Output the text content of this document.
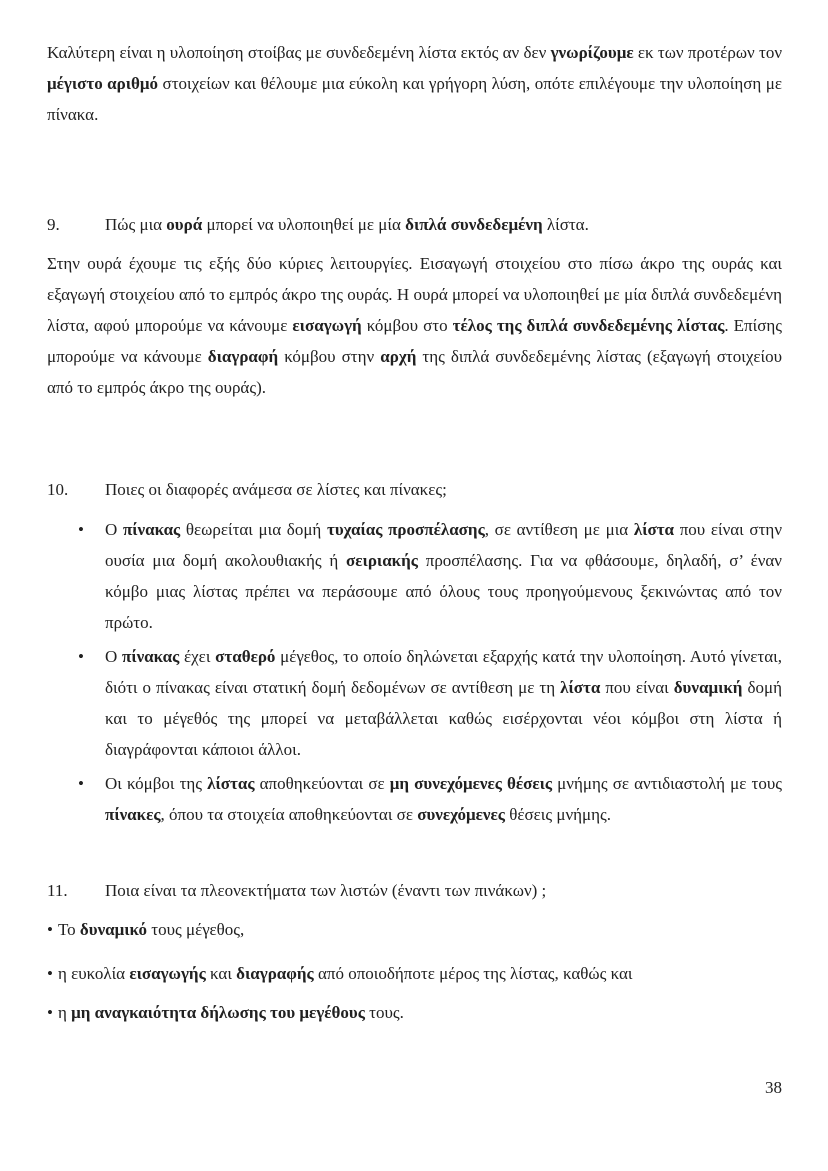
Καλύτερη είναι η υλοποίηση στοίβας με συνδεδεμένη λίστα εκτός αν δεν γνωρίζουμε εκ των προτέρων τον μέγιστο αριθμό στοιχείων και θέλουμε μια εύκολη και γρήγορη λύση, οπότε επιλέγουμε την υλοποίηση με πίνακα.

9.	Πώς μια ουρά μπορεί να υλοποιηθεί με μία διπλά συνδεδεμένη λίστα.

Στην ουρά έχουμε τις εξής δύο κύριες λειτουργίες. Εισαγωγή στοιχείου στο πίσω άκρο της ουράς και εξαγωγή στοιχείου από το εμπρός άκρο της ουράς. Η ουρά μπορεί να υλοποιηθεί με μία διπλά συνδεδεμένη λίστα, αφού μπορούμε να κάνουμε εισαγωγή κόμβου στο τέλος της διπλά συνδεδεμένης λίστας. Επίσης μπορούμε να κάνουμε διαγραφή κόμβου στην αρχή της διπλά συνδεδεμένης λίστας (εξαγωγή στοιχείου από το εμπρός άκρο της ουράς).

10. Ποιες οι διαφορές ανάμεσα σε λίστες και πίνακες;
• Ο πίνακας θεωρείται μια δομή τυχαίας προσπέλασης, σε αντίθεση με μια λίστα που είναι στην ουσία μια δομή ακολουθιακής ή σειριακής προσπέλασης. Για να φθάσουμε, δηλαδή, σ’ έναν κόμβο μιας λίστας πρέπει να περάσουμε από όλους τους προηγούμενους ξεκινώντας από τον πρώτο.
• Ο πίνακας έχει σταθερό μέγεθος, το οποίο δηλώνεται εξαρχής κατά την υλοποίηση. Αυτό γίνεται, διότι ο πίνακας είναι στατική δομή δεδομένων σε αντίθεση με τη λίστα που είναι δυναμική δομή και το μέγεθός της μπορεί να μεταβάλλεται καθώς εισέρχονται νέοι κόμβοι στη λίστα ή διαγράφονται κάποιοι άλλοι.
• Οι κόμβοι της λίστας αποθηκεύονται σε μη συνεχόμενες θέσεις μνήμης σε αντιδιαστολή με τους πίνακες, όπου τα στοιχεία αποθηκεύονται σε συνεχόμενες θέσεις μνήμης.
11. Ποια είναι τα πλεονεκτήματα των λιστών (έναντι των πινάκων) ;

• Το δυναμικό τους μέγεθος,

• η ευκολία εισαγωγής και διαγραφής από οποιοδήποτε μέρος της λίστας, καθώς και

• η μη αναγκαιότητα δήλωσης του μεγέθους τους.

38
